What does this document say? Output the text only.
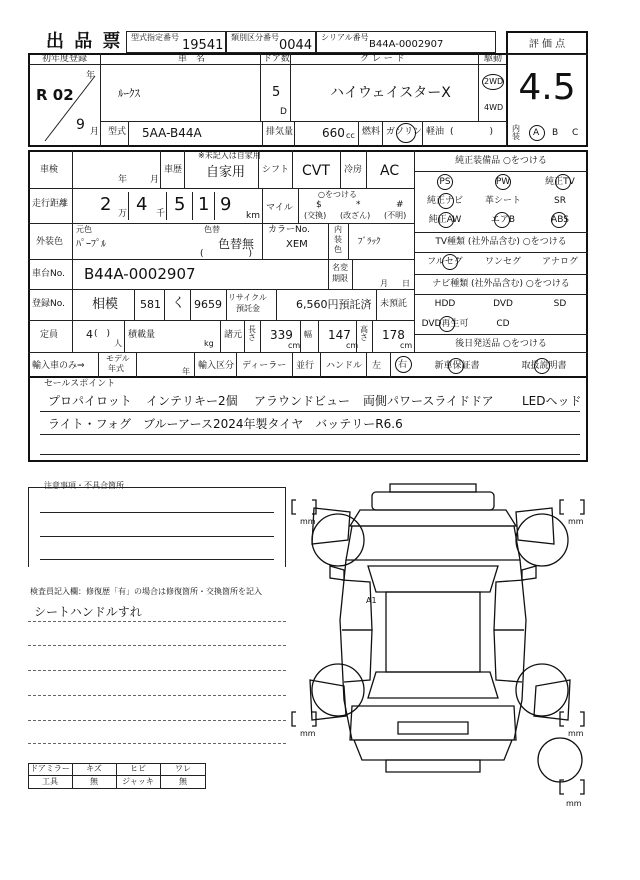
出 品 票 型式指定番号
19541
類別区分番号
0044
シリアル番号
B44A-0002907	評 価 点
4.5
初年度登録	車　名	ドア数	グ レ ー ド	駆動
R 02
年
9 月
ﾙｰｸｽ	5
D
ハイウェイスターX
2WD
4WD
型式 5AA-B44A	排気量 660 cc 燃料 ガソリン 軽油 (　　　　) 内装 A B C
車検
年	月
車歴
※未記入は自家用
自家用 シフト CVT 冷房 AC
走行距離 2 万 4 千 5 1 9
km
マイル
○をつける
$
(交換)
*
(改ざん)
#
(不明)
外装色
元色
ﾊﾟｰﾌﾟﾙ
色替
色替無
(　　　　　)
カラーNo.
XEM
内
装
色
ﾌﾞﾗｯｸ
車台No. B44A-0002907	名変
期限
月 日
登録No. 相模 581 く 9659
リサイクル
預託金	6,560円預託済 未預託
定員	4 (　)
人
積載量
kg
諸元
長さ 339
cm
幅 147
cm
高さ 178
cm
輸入車のみ⇒
モデル
年式	年
輸入区分 ディーラー 並行 ハンドル 左 右
純正装備品 ○をつける
PS	PW	純正TV
純正ナビ	革シート	SR
純正AW	エアB	ABS
TV種類 (社外品含む) ○をつける
フルセグ	ワンセグ	アナログ
ナビ種類 (社外品含む) ○をつける
HDD	DVD	SD
DVD再生可	CD
後日発送品 ○をつける
新車保証書	取扱説明書
セールスポイント
プロパイロット インテリキー2個 アラウンドビュー 両側パワースライドドア LEDヘッド
ライト・フォグ　ブルーアース2024年製タイヤ　バッテリーR6.6
注意事項・不具合箇所
検査員記入欄：修復歴「有」の場合は修復箇所・交換箇所を記入
シートハンドルすれ
ドアミラー	キズ	ヒビ	ワレ
工具	無	ジャッキ	無
A1
mm	mm
mm	mm
mm
